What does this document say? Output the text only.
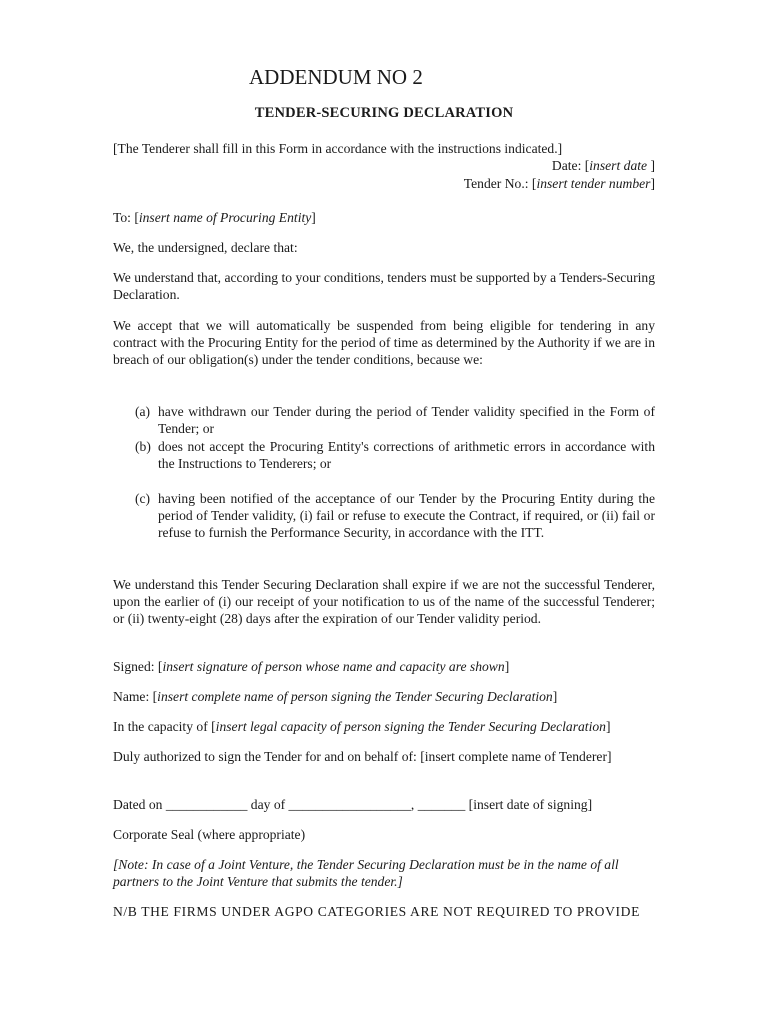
ADDENDUM NO 2
TENDER-SECURING DECLARATION
[The Tenderer shall fill in this Form in accordance with the instructions indicated.]
Date: [insert date ]
Tender No.: [insert tender number]
To: [insert name of Procuring Entity]
We, the undersigned, declare that:
We understand that, according to your conditions, tenders must be supported by a Tenders-Securing Declaration.
We accept that we will automatically be suspended from being eligible for tendering in any contract with the Procuring Entity for the period of time as determined by the Authority if we are in breach of our obligation(s) under the tender conditions, because we:
(a) have withdrawn our Tender during the period of Tender validity specified in the Form of Tender; or
(b) does not accept the Procuring Entity's corrections of arithmetic errors in accordance with the Instructions to Tenderers; or
(c) having been notified of the acceptance of our Tender by the Procuring Entity during the period of Tender validity, (i) fail or refuse to execute the Contract, if required, or (ii) fail or refuse to furnish the Performance Security, in accordance with the ITT.
We understand this Tender Securing Declaration shall expire if we are not the successful Tenderer, upon the earlier of (i) our receipt of your notification to us of the name of the successful Tenderer; or (ii) twenty-eight (28) days after the expiration of our Tender validity period.
Signed: [insert signature of person whose name and capacity are shown]
Name: [insert complete name of person signing the Tender Securing Declaration]
In the capacity of [insert legal capacity of person signing the Tender Securing Declaration]
Duly authorized to sign the Tender for and on behalf of: [insert complete name of Tenderer]
Dated on ____________ day of __________________, _______ [insert date of signing]
Corporate Seal (where appropriate)
[Note: In case of a Joint Venture, the Tender Securing Declaration must be in the name of all partners to the Joint Venture that submits the tender.]
N/B THE FIRMS UNDER AGPO CATEGORIES ARE NOT REQUIRED TO PROVIDE
